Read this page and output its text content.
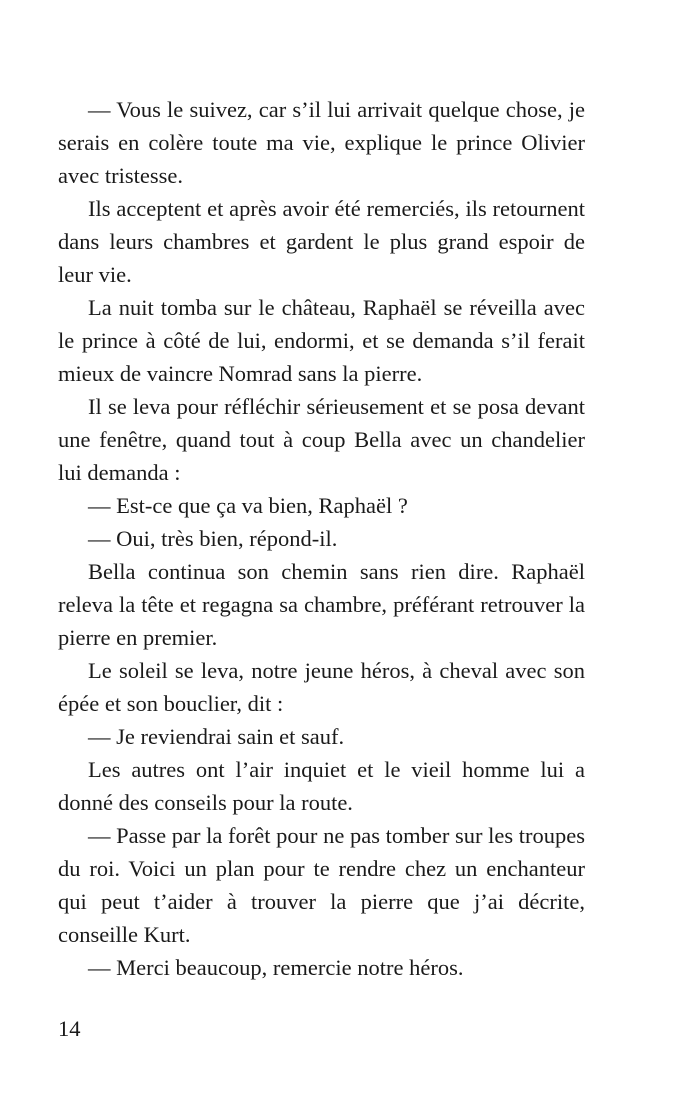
— Vous le suivez, car s’il lui arrivait quelque chose, je serais en colère toute ma vie, explique le prince Olivier avec tristesse.

Ils acceptent et après avoir été remerciés, ils retournent dans leurs chambres et gardent le plus grand espoir de leur vie.

La nuit tomba sur le château, Raphaël se réveilla avec le prince à côté de lui, endormi, et se demanda s’il ferait mieux de vaincre Nomrad sans la pierre.

Il se leva pour réfléchir sérieusement et se posa devant une fenêtre, quand tout à coup Bella avec un chandelier lui demanda :

— Est-ce que ça va bien, Raphaël ?

— Oui, très bien, répond-il.

Bella continua son chemin sans rien dire. Raphaël releva la tête et regagna sa chambre, préférant retrouver la pierre en premier.

Le soleil se leva, notre jeune héros, à cheval avec son épée et son bouclier, dit :

— Je reviendrai sain et sauf.

Les autres ont l’air inquiet et le vieil homme lui a donné des conseils pour la route.

— Passe par la forêt pour ne pas tomber sur les troupes du roi. Voici un plan pour te rendre chez un enchanteur qui peut t’aider à trouver la pierre que j’ai décrite, conseille Kurt.

— Merci beaucoup, remercie notre héros.

14
